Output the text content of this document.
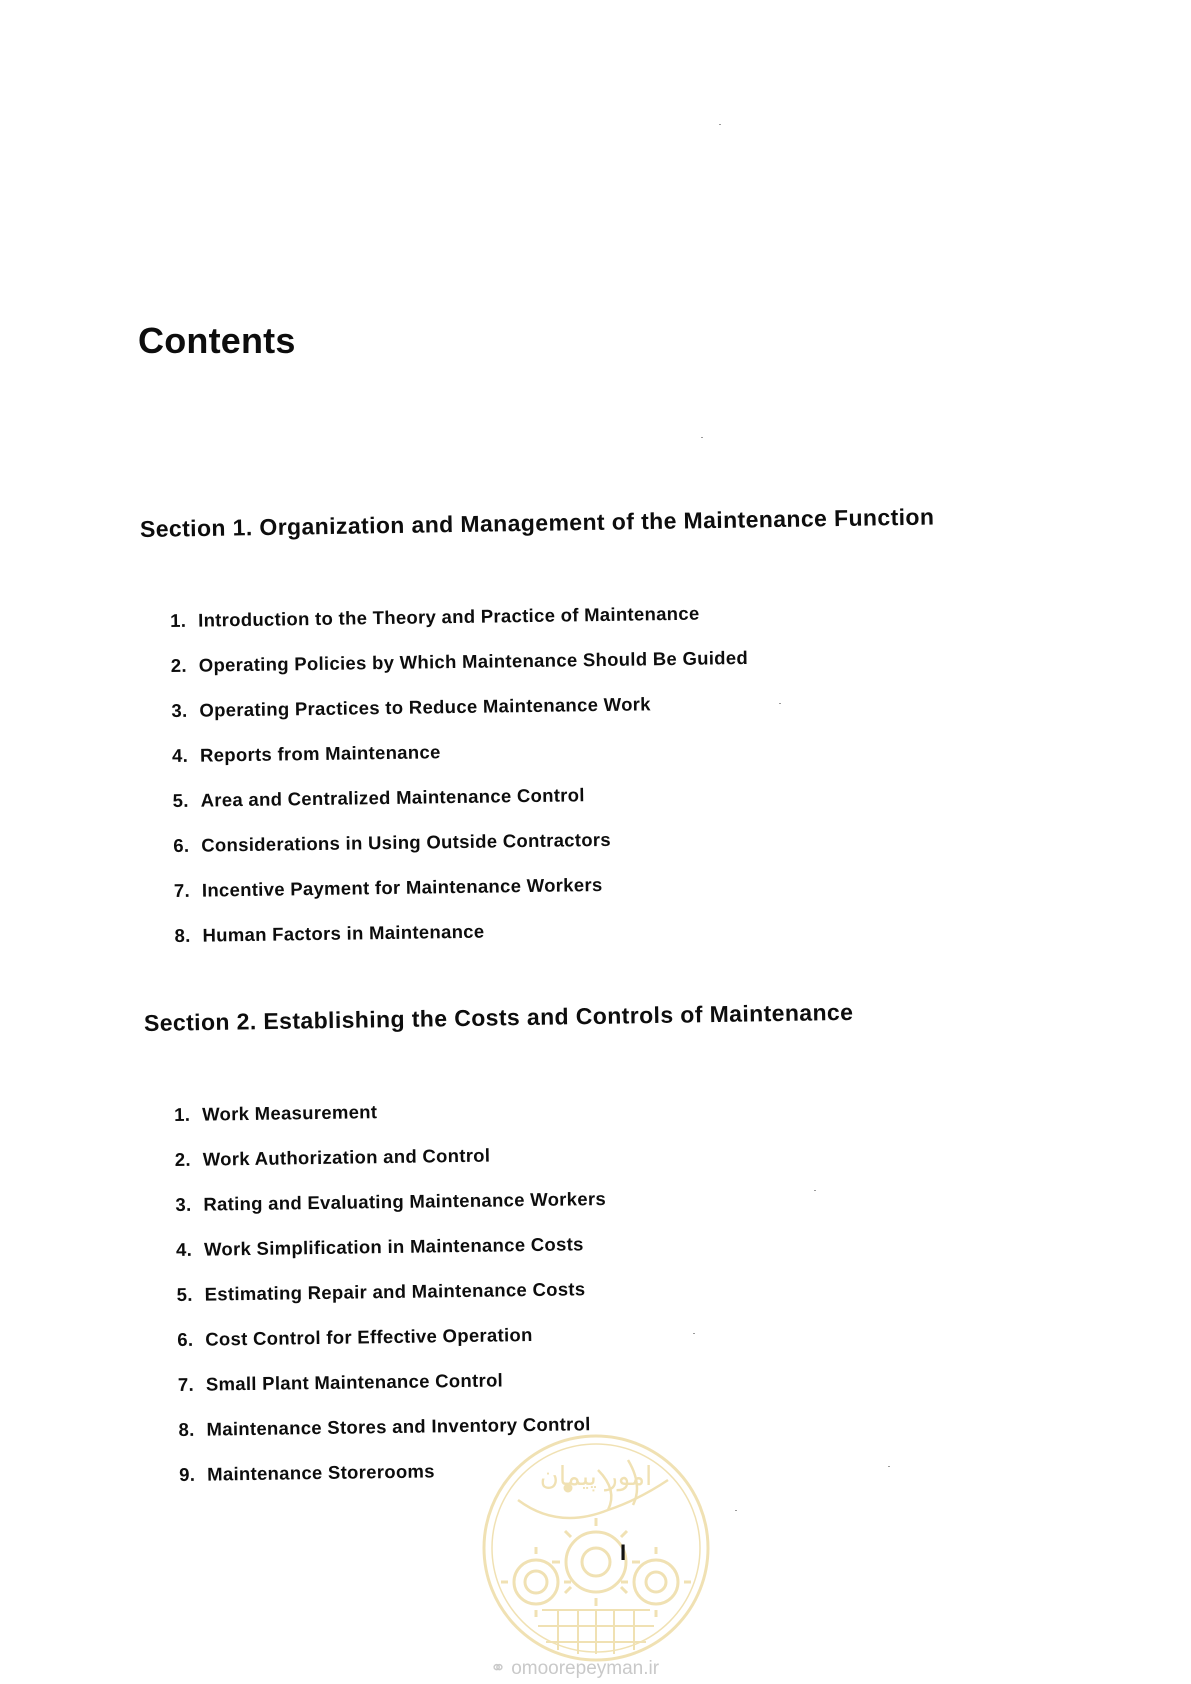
Contents
Section 1. Organization and Management of the Maintenance Function
1. Introduction to the Theory and Practice of Maintenance
2. Operating Policies by Which Maintenance Should Be Guided
3. Operating Practices to Reduce Maintenance Work
4. Reports from Maintenance
5. Area and Centralized Maintenance Control
6. Considerations in Using Outside Contractors
7. Incentive Payment for Maintenance Workers
8. Human Factors in Maintenance
Section 2. Establishing the Costs and Controls of Maintenance
1. Work Measurement
2. Work Authorization and Control
3. Rating and Evaluating Maintenance Workers
4. Work Simplification in Maintenance Costs
5. Estimating Repair and Maintenance Costs
6. Cost Control for Effective Operation
7. Small Plant Maintenance Control
8. Maintenance Stores and Inventory Control
9. Maintenance Storerooms	امور پیمان
I
⚭ omoorepeyman.ir
